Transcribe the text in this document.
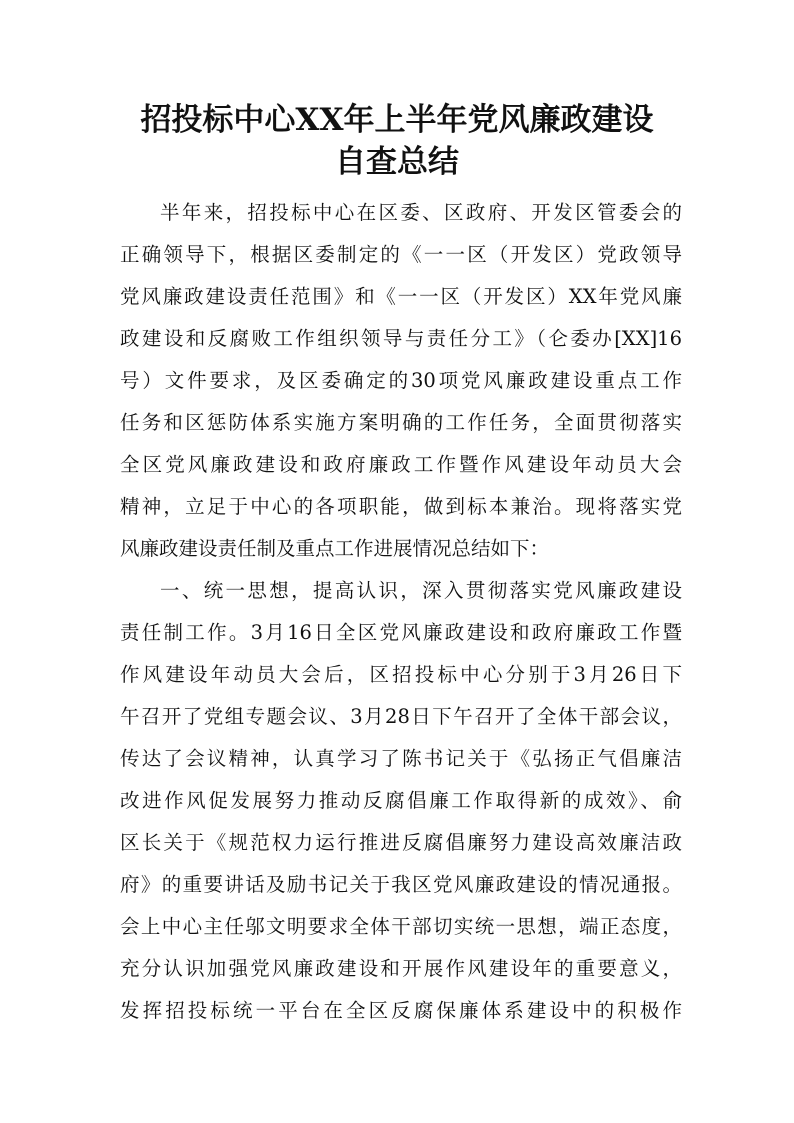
招投标中心XX年上半年党风廉政建设
自查总结
半年来，招投标中心在区委、区政府、开发区管委会的
正确领导下，根据区委制定的《一一区（开发区）党政领导
党风廉政建设责任范围》和《一一区（开发区）XX年党风廉
政建设和反腐败工作组织领导与责任分工》（仑委办[XX]16
号）文件要求，及区委确定的30项党风廉政建设重点工作
任务和区惩防体系实施方案明确的工作任务，全面贯彻落实
全区党风廉政建设和政府廉政工作暨作风建设年动员大会
精神，立足于中心的各项职能，做到标本兼治。现将落实党
风廉政建设责任制及重点工作进展情况总结如下：
一、统一思想，提高认识，深入贯彻落实党风廉政建设
责任制工作。3月16日全区党风廉政建设和政府廉政工作暨
作风建设年动员大会后，区招投标中心分别于3月26日下
午召开了党组专题会议、3月28日下午召开了全体干部会议，
传达了会议精神，认真学习了陈书记关于《弘扬正气倡廉洁
改进作风促发展努力推动反腐倡廉工作取得新的成效》、俞
区长关于《规范权力运行推进反腐倡廉努力建设高效廉洁政
府》的重要讲话及励书记关于我区党风廉政建设的情况通报。
会上中心主任邬文明要求全体干部切实统一思想，端正态度，
充分认识加强党风廉政建设和开展作风建设年的重要意义，
发挥招投标统一平台在全区反腐保廉体系建设中的积极作
